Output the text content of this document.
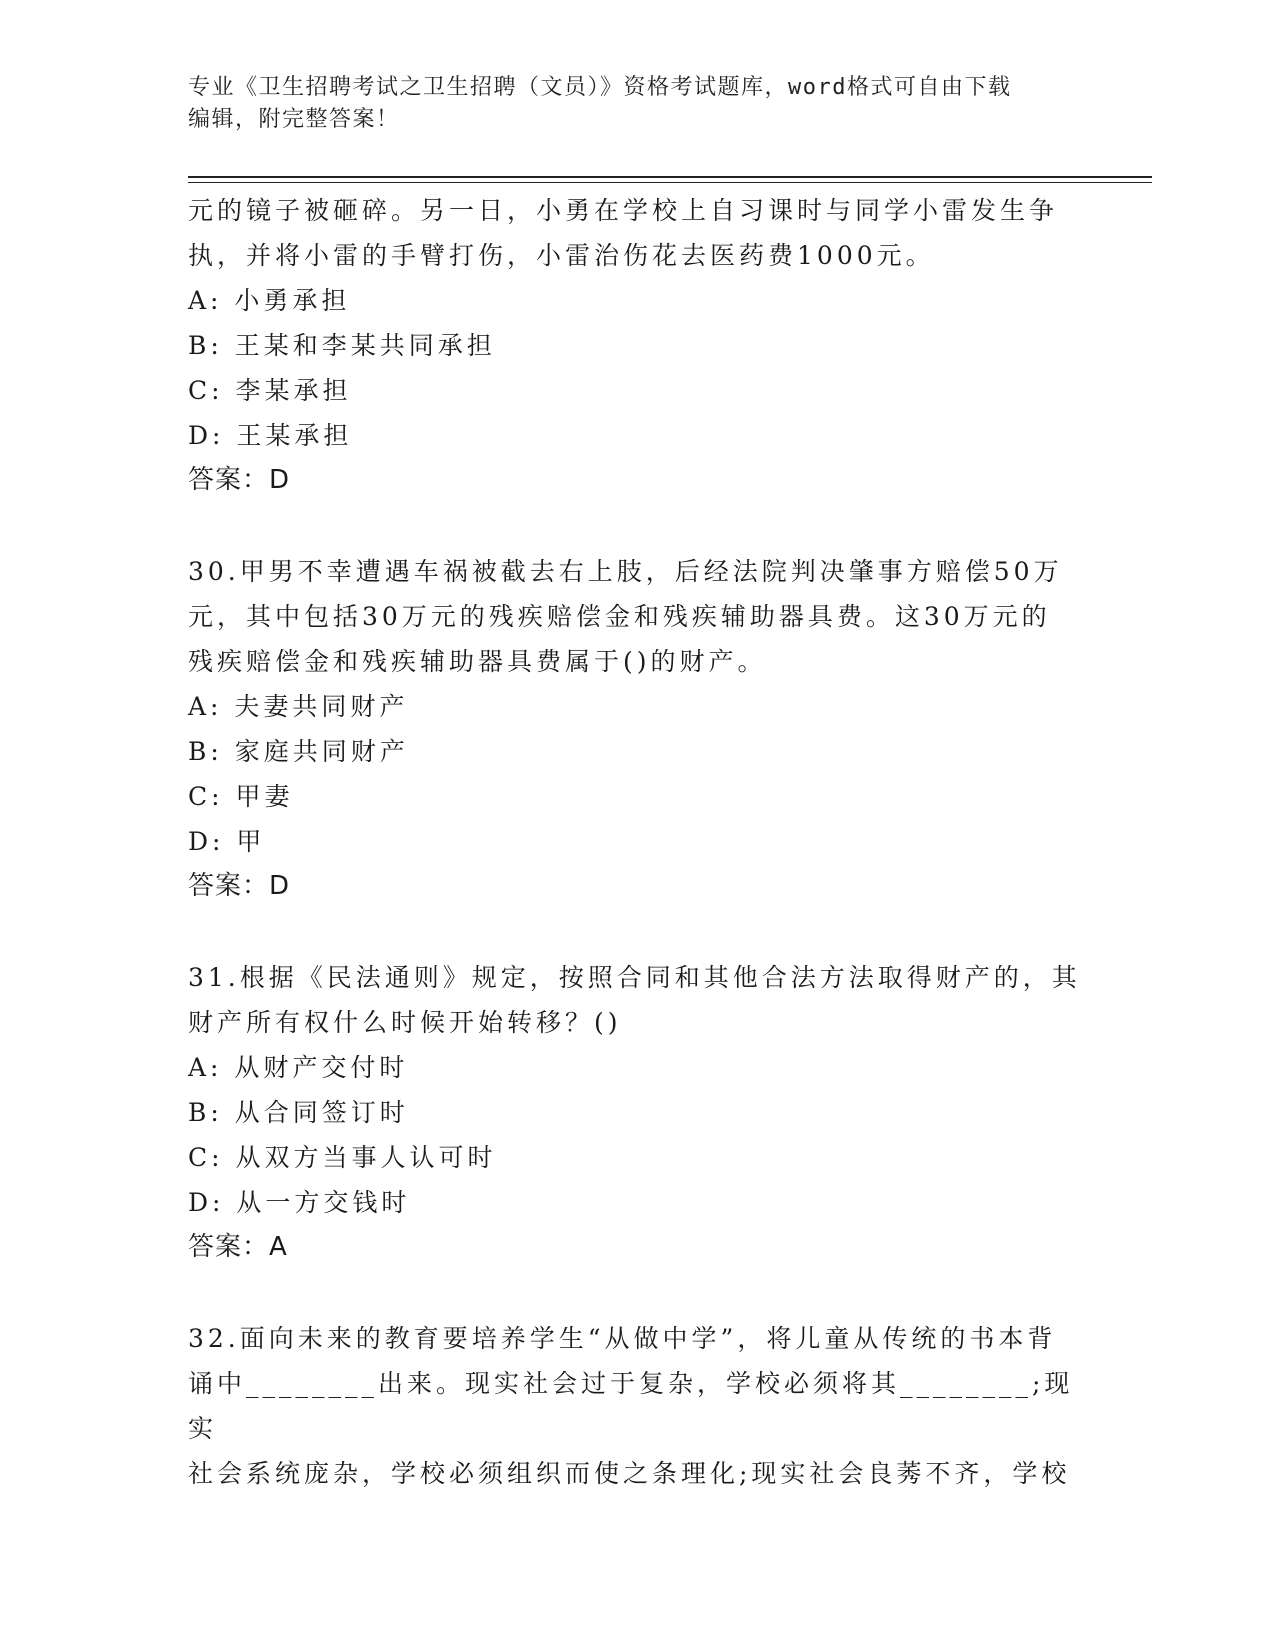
专业《卫生招聘考试之卫生招聘（文员）》资格考试题库，word格式可自由下载
编辑，附完整答案！
元的镜子被砸碎。另一日，小勇在学校上自习课时与同学小雷发生争
执，并将小雷的手臂打伤，小雷治伤花去医药费1000元。
A: 小勇承担
B: 王某和李某共同承担
C: 李某承担
D: 王某承担
答案：D
30.甲男不幸遭遇车祸被截去右上肢，后经法院判决肇事方赔偿50万
元，其中包括30万元的残疾赔偿金和残疾辅助器具费。这30万元的
残疾赔偿金和残疾辅助器具费属于()的财产。
A: 夫妻共同财产
B: 家庭共同财产
C: 甲妻
D: 甲
答案：D
31.根据《民法通则》规定，按照合同和其他合法方法取得财产的，其
财产所有权什么时候开始转移？()
A: 从财产交付时
B: 从合同签订时
C: 从双方当事人认可时
D: 从一方交钱时
答案：A
32.面向未来的教育要培养学生“从做中学”，将儿童从传统的书本背
诵中________出来。现实社会过于复杂，学校必须将其________;现实
社会系统庞杂，学校必须组织而使之条理化;现实社会良莠不齐，学校
